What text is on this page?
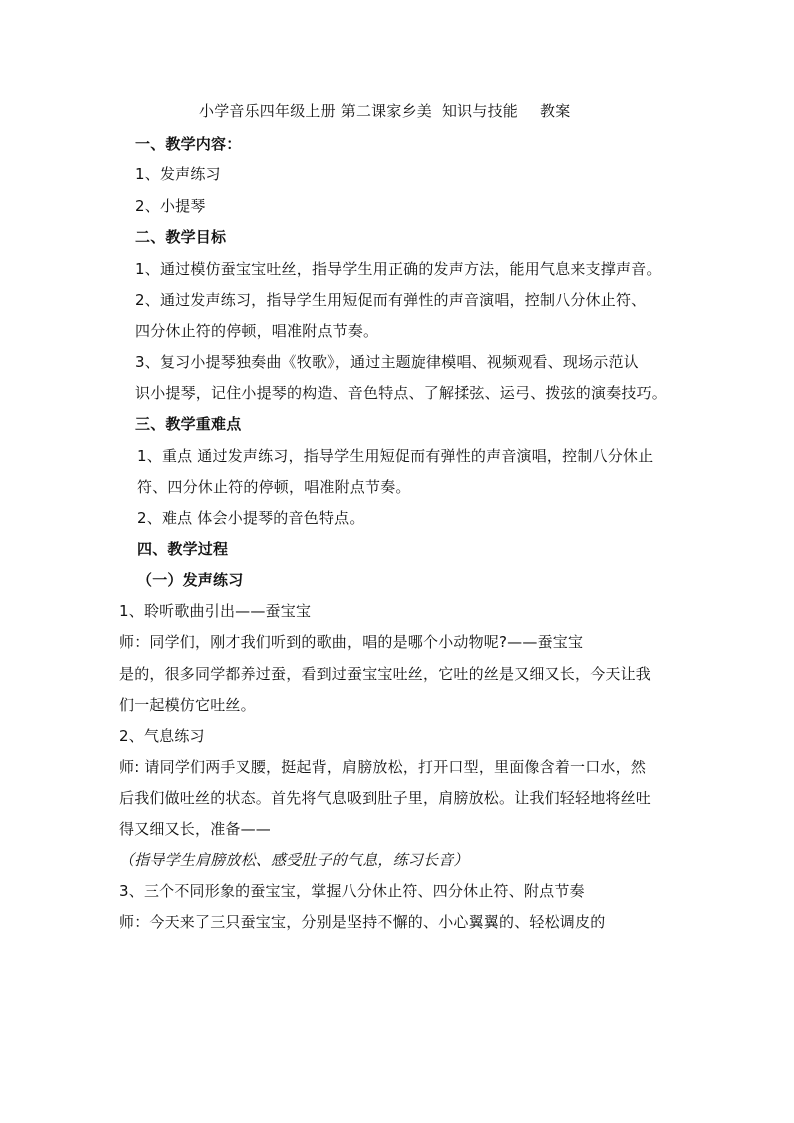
小学音乐四年级上册 第二课家乡美 知识与技能 教案
一、教学内容：
1、发声练习
2、小提琴
二、教学目标
1、通过模仿蚕宝宝吐丝，指导学生用正确的发声方法，能用气息来支撑声音。
2、通过发声练习，指导学生用短促而有弹性的声音演唱，控制八分休止符、
四分休止符的停顿，唱准附点节奏。
3、复习小提琴独奏曲《牧歌》，通过主题旋律模唱、视频观看、现场示范认
识小提琴，记住小提琴的构造、音色特点、了解揉弦、运弓、拨弦的演奏技巧。
三、教学重难点
1、重点 通过发声练习，指导学生用短促而有弹性的声音演唱，控制八分休止
符、四分休止符的停顿，唱准附点节奏。
2、难点 体会小提琴的音色特点。
四、教学过程
（一）发声练习
1、聆听歌曲引出——蚕宝宝
师：同学们，刚才我们听到的歌曲，唱的是哪个小动物呢?——蚕宝宝
是的，很多同学都养过蚕，看到过蚕宝宝吐丝，它吐的丝是又细又长，今天让我
们一起模仿它吐丝。
2、气息练习
师: 请同学们两手叉腰，挺起背，肩膀放松，打开口型，里面像含着一口水，然
后我们做吐丝的状态。首先将气息吸到肚子里，肩膀放松。让我们轻轻地将丝吐
得又细又长，准备——
（指导学生肩膀放松、感受肚子的气息，练习长音）
3、三个不同形象的蚕宝宝，掌握八分休止符、四分休止符、附点节奏
师：今天来了三只蚕宝宝，分别是坚持不懈的、小心翼翼的、轻松调皮的
